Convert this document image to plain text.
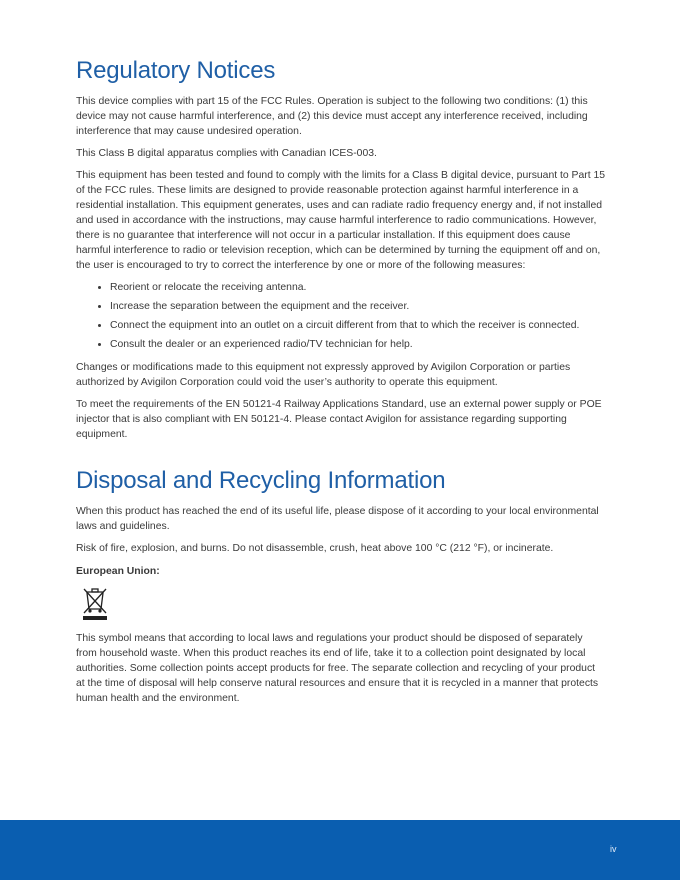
Regulatory Notices

This device complies with part 15 of the FCC Rules. Operation is subject to the following two conditions: (1) this device may not cause harmful interference, and (2) this device must accept any interference received, including interference that may cause undesired operation.

This Class B digital apparatus complies with Canadian ICES-003.

This equipment has been tested and found to comply with the limits for a Class B digital device, pursuant to Part 15 of the FCC rules. These limits are designed to provide reasonable protection against harmful interference in a residential installation. This equipment generates, uses and can radiate radio frequency energy and, if not installed and used in accordance with the instructions, may cause harmful interference to radio communications. However, there is no guarantee that interference will not occur in a particular installation. If this equipment does cause harmful interference to radio or television reception, which can be determined by turning the equipment off and on, the user is encouraged to try to correct the interference by one or more of the following measures:

• Reorient or relocate the receiving antenna.
• Increase the separation between the equipment and the receiver.
• Connect the equipment into an outlet on a circuit different from that to which the receiver is connected.
• Consult the dealer or an experienced radio/TV technician for help.

Changes or modifications made to this equipment not expressly approved by Avigilon Corporation or parties authorized by Avigilon Corporation could void the user’s authority to operate this equipment.

To meet the requirements of the EN 50121-4 Railway Applications Standard, use an external power supply or POE injector that is also compliant with EN 50121-4. Please contact Avigilon for assistance regarding supporting equipment.

Disposal and Recycling Information

When this product has reached the end of its useful life, please dispose of it according to your local environmental laws and guidelines.

Risk of fire, explosion, and burns. Do not disassemble, crush, heat above 100 °C (212 °F), or incinerate.

European Union:

This symbol means that according to local laws and regulations your product should be disposed of separately from household waste. When this product reaches its end of life, take it to a collection point designated by local authorities. Some collection points accept products for free. The separate collection and recycling of your product at the time of disposal will help conserve natural resources and ensure that it is recycled in a manner that protects human health and the environment.

iv
